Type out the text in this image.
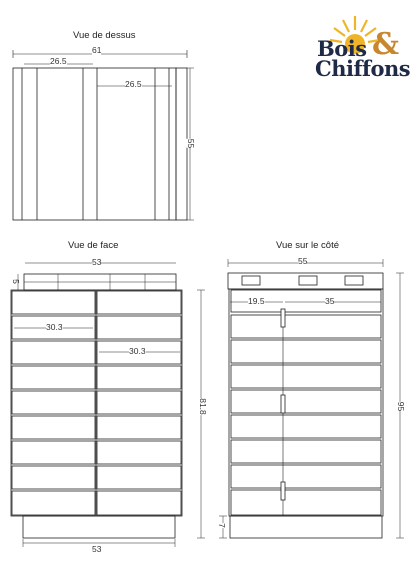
Vue de dessus
Vue de face	Vue sur le côté
61
26.5
26.5
55
53
5
30.3
30.3
81.8
53
55
19.5	35
95
7
Bois &
Chiffons
